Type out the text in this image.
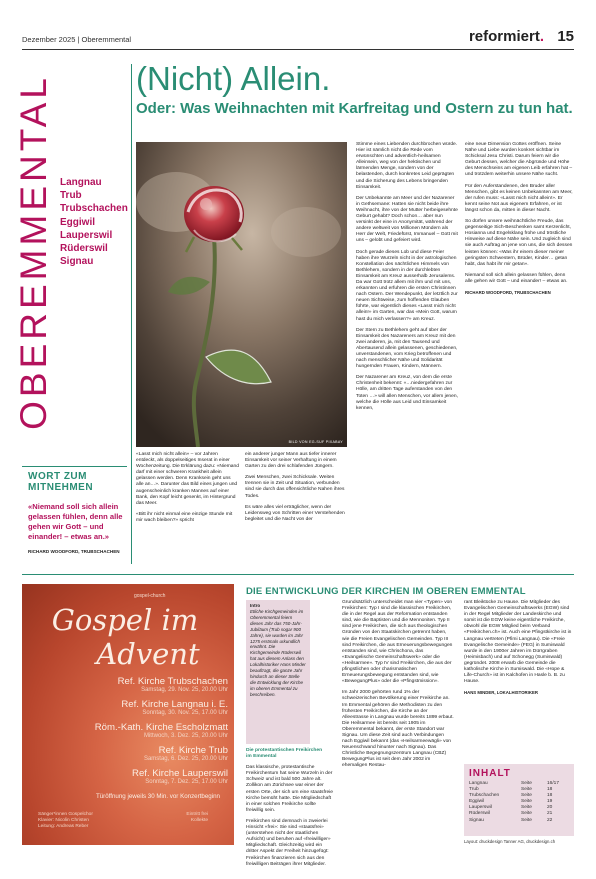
Dezember 2025 | Oberemmental	reformiert. 15
OBEREMMENTAL Langnau
Trub
Trubschachen
Eggiwil
Lauperswil
Rüderswil
Signau
WORT ZUM
MITNEHMEN
«Niemand soll sich allein gelassen fühlen, denn alle gehen wir Gott – und einander! – etwas an.»
RICHARD WOODFORD, TRUBSCHACHEN
(Nicht) Allein.
Oder: Was Weihnachten mit Karfreitag und Ostern zu tun hat.
BILD VON EG-SUF PIXABAY

«Lasst mich nicht allein» – vor Jahren entdeckt, als doppelseitiges Inserat in einer Wochenzeitung. Die Erklärung dazu: «Niemand darf mit einer schweren Krankheit allein gelassen werden. Denn Kranksein geht uns alle an…». Darunter das Bild eines jungen und augenscheinlich kranken Mannes auf einer Bank, den Kopf leicht gesenkt, im Hintergrund das Meer.

«Bitt ihr nicht einmal eine einzige Stunde mit mir wach bleiben?» spricht

ein anderer junger Mann aus tiefer innerer Einsamkeit vor seiner Verhaftung in einem Garten zu den drei schlafenden Jüngern.

Zwei Menschen, zwei Schicksale. Weiten trennen sie in Zeit und Situation, verbunden sind sie durch das offensichtliche Nahen ihres Todes.

Es wäre alles viel erträglicher, wenn der Leidensweg von Schritten einer Verstehenden begleitet und die Nacht von der

Stimme eines Liebenden durchbrochen würde. Hier ist nämlich nicht die Rede vom erwünschten und adventlich-heilsamen Alleinsein, weg von der hektischen und lärmenden Menge, sondern von der belastenden, durch konkretes Leid geprägten und die Sicherung des Lebens bringenden Einsamkeit.

Der Unbekannte am Meer und der Nazarener in Gethsemane: Hatten sie nicht beide ihre Weihnacht, ihre von der Mutter herbeigesehnte Geburt gehabt? Doch schon… aber nun versinkt der eine in Anonymität, während der andere weltweit von Millionen Mündern als Herr der Welt, Friedefürst, Immanuel – Gott mit uns – gelobt und gefeiert wird.

Doch gerade dieses Lob und diese Feier haben ihre Wurzeln nicht in der astrologischen Konstellation des nächtlichen Himmels von Bethlehem, sondern in der durchlebten Einsamkeit am Kreuz ausserhalb Jerusalems. Da war Gott trotz allem mit ihm und mit uns, erkannten und erfuhren die ersten Christinnen nach Ostern. Der Wendepunkt, der letztlich zur neuen Sichtweise, zum hoffenden Glauben führte, war eigentlich dieses «Lasst mich nicht allein!» im Garten, war das «Mein Gott, warum hast du mich verlassen?» am Kreuz.

Der Stern zu Bethlehem geht auf über der Einsamkeit des Nazareners am Kreuz mit den zwei anderen, ja, mit den Tausend und Abertausend allein gelassenen, geschiedenen, unverstandenen, vom Krieg betroffenen und nach menschlicher Nähe und Solidarität hungernden Frauen, Kindern, Männern.

Der Nazarener am Kreuz, von dem die erste Christenheit bekennt: «…niedergefahren zur Hölle, am dritten Tage auferstanden von den Toten …» will allen Menschen, vor allem jenen, welche die Hölle aus Leid und Einsamkeit kennen,

eine neue Dimension Gottes eröffnen. Seine Nähe und Liebe wurden konkret sichtbar im Schicksal Jesu Christi. Darum feiern wir die Geburt dessen, welcher die Abgründe und Höhe des Menschseins am eigenen Leib erfahren hat – und trotzdem weiterhin unsere Nähe sucht.

Für den Auferstandenen, den Bruder aller Menschen, gibt es keinen Unbekannten am Meer, der rufen muss: «Lasst mich nicht allein!». Er kennt seine Not aus eigenem Erfahren, er ist längst schon da, mitten in dieser Nacht.

So dürfen unsere weihnächtliche Freude, das gegenseitige Sich-Beschenken samt Kerzenlicht, Hosianna und Engelsklang frohe und tröstliche Hinweise auf diese Nähe sein. Und zugleich sind sie auch Auftrag an jene von uns, die sich dessen leisten können: «Was ihr einem dieser meiner geringsten Schwestern, Brüder, Kinder… getan habt, das habt ihr mir getan».

Niemand soll sich allein gelassen fühlen, denn alle gehen wir Gott – und einander! – etwas an.

RICHARD WOODFORD, TRUBSCHACHEN

gospel-church
Gospel im
Advent
Ref. Kirche Trubschachen
Samstag, 29. Nov. 25, 20.00 Uhr
Ref. Kirche Langnau i. E.
Sonntag, 30. Nov. 25, 17.00 Uhr
Röm.-Kath. Kirche Escholzmatt
Mittwoch, 3. Dez. 25, 20.00 Uhr
Ref. Kirche Trub
Samstag, 6. Dez. 25, 20.00 Uhr
Ref. Kirche Lauperswil
Sonntag, 7. Dez. 25, 17.00 Uhr
Türöffnung jeweils 30 Min. vor Konzertbeginn
Sänger*innen Gospelchor
Klavier: Nicolin Christen
Leitung: Andreas Reber
Eintritt frei
Kollekte
DIE ENTWICKLUNG DER KIRCHEN IM OBEREN EMMENTAL
Intro
Etliche Kirchgemeinden im Oberemmental feiern dieses Jahr das 750-Jahr-Jubiläum (Trub sogar 900 Jahre), sie wurden im Jahr 1275 erstmals urkundlich erwähnt. Die Kirchgemeinde Rüderswil hat aus diesem Anlass den Lokalhistoriker Hans Minder beauftragt, die ganze Jahr hindurch an dieser Stelle die Entwicklung der Kirche im oberen Emmental zu beschreiben.

Die protestantischen Freikirchen
im Emmental

Das klassische, protestantische Freikirchentum hat seine Wurzeln in der Schweiz und ist bald 500 Jahre alt. Zollikon am Zürichsee war einer der ersten Orte, der sich um eine staatsfreie Kirche bemüht hatte. Die Mitgliedschaft in einer solchen Freikirche sollte freiwillig sein.

Freikirchen sind demnach in zweierlei Hinsicht «frei»: Sie sind «staatsfrei» (unterstehen nicht der staatlichen Aufsicht) und beruhen auf «freiwilliger» Mitgliedschaft. Gleichzeitig wird ein dritter Aspekt der Freiheit hinzugefügt: Freikirchen finanzieren sich aus den freiwilligen Beiträgen ihrer Mitglieder.

Grundsätzlich unterscheidet man vier «Typen» von Freikirchen: Typ I sind die klassischen Freikirchen, die in der Regel aus der Reformation entstanden sind, wie die Baptisten und die Mennoniten. Typ II sind jene Freikirchen, die sich aus theologischen Gründen von den Staatskirchen getrennt haben, wie die Freien Evangelischen Gemeinden. Typ III sind Freikirchen, die aus Erneuerungsbewegungen entstanden sind, wie Chrischona, das «Evangelische Gemeinschaftswerk» oder die «Heilsarmee». Typ IV sind Freikirchen, die aus der pfingstlichen oder charismatischen Erneuerungsbewegung entstanden sind, wie «BewegungPlus» oder die «Pfingstmission».

Im Jahr 2000 gehörten rund 1% der schweizerischen Bevölkerung einer Freikirche an. Im Emmental gehören die Methodisten zu den frühesten Freikirchen, die Kirche an der Alleestrasse in Langnau wurde bereits 1899 erbaut. Die Heilsarmee ist bereits seit 1905 im Oberemmental bekannt, der erste Standort war Signau. Um diese Zeit sind auch Verbindungen nach Eggiwil bekannt (das «Heilsarmeewägli» von Neuenschwand hinunter nach Signau). Das Christliche Begegnungszentrum Langnau (CBZ) BewegungPlus ist seit dem Jahr 2002 im ehemaligen Restau-

rant Bleiktücke zu Hause. Die Mitglieder des Evangelischen Gemeinschaftswerks (EGW) sind in der Regel Mitglieder der Landeskirche und somit ist die EGW keine eigentliche Freikirche, obwohl die EGW Mitglied beim Verband «Freikirchen.ch» ist. Auch eine Pfingstkirche ist in Langnau vertreten (Pfimi Langnau). Die «Freie Evangelische Gemeinde» (FEG) in Sumiswald wurde in den 1900er Jahren im Dürrgraben (Heimisbach) und auf Schonegg (Sumiswald) gegründet. 2008 erwarb die Gemeinde die katholische Kirche in Sumiswald. Die «Hope & Life-Church» ist im Kalchofen in Hasle b. B. zu Hause.

HANS MINDER, LOKALHISTORIKER

INHALT
Langnau	Seite	16/17
Trub	Seite	18
Trubschachen	Seite	18
Eggiwil	Seite	19
Lauperswil	Seite	20
Rüderswil	Seite	21
Signau	Seite	22
Layout: druckdesign Tanner AG, druckdesign.ch
